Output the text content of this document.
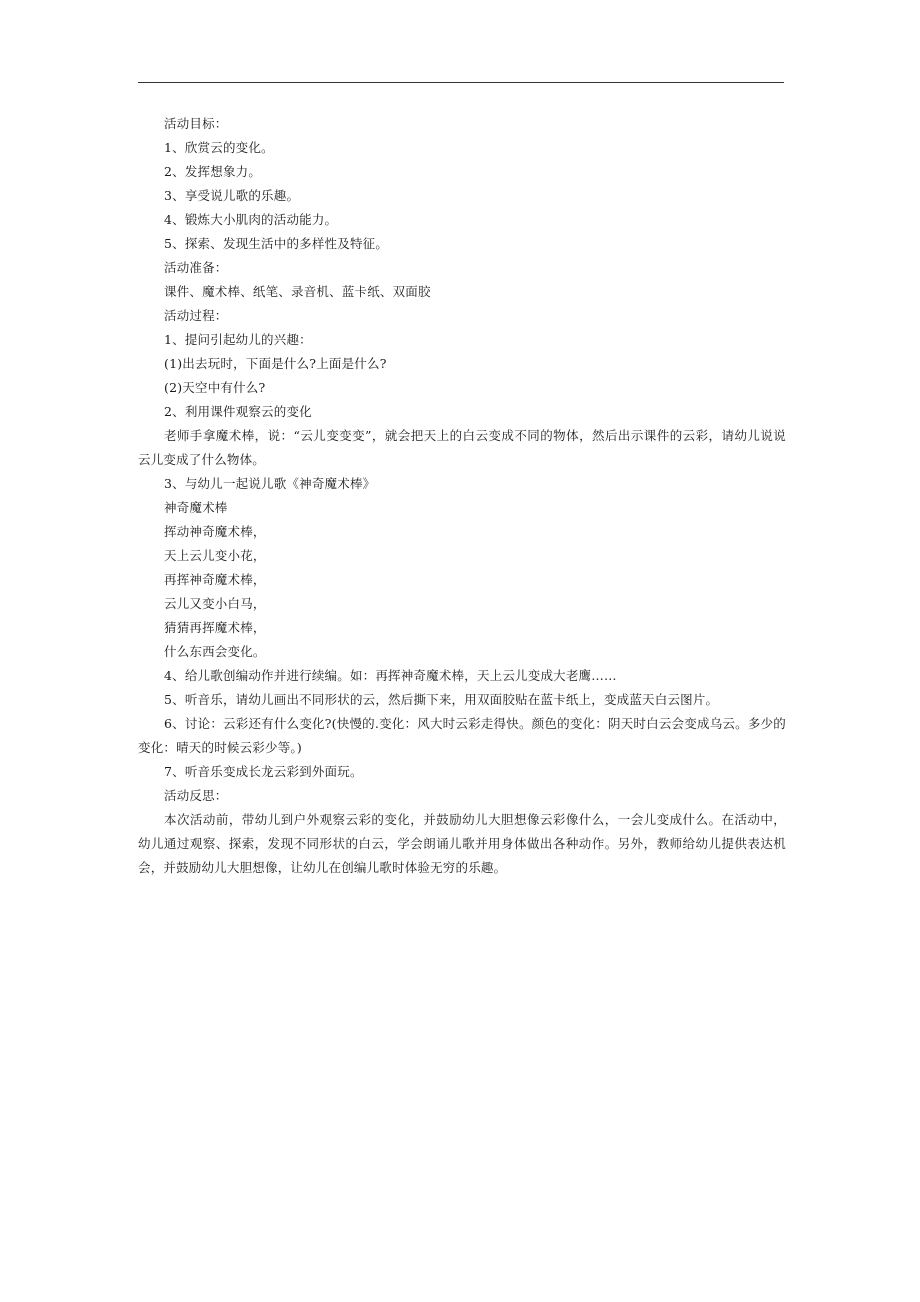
活动目标：

1、欣赏云的变化。

2、发挥想象力。

3、享受说儿歌的乐趣。

4、锻炼大小肌肉的活动能力。

5、探索、发现生活中的多样性及特征。

活动准备：

课件、魔术棒、纸笔、录音机、蓝卡纸、双面胶

活动过程：

1、提问引起幼儿的兴趣：

(1)出去玩时，下面是什么?上面是什么?

(2)天空中有什么?

2、利用课件观察云的变化

老师手拿魔术棒，说：“云儿变变变”，就会把天上的白云变成不同的物体，然后出示课件的云彩，请幼儿说说云儿变成了什么物体。

3、与幼儿一起说儿歌《神奇魔术棒》

神奇魔术棒

挥动神奇魔术棒，

天上云儿变小花，

再挥神奇魔术棒，

云儿又变小白马，

猜猜再挥魔术棒，

什么东西会变化。

4、给儿歌创编动作并进行续编。如：再挥神奇魔术棒，天上云儿变成大老鹰……

5、听音乐，请幼儿画出不同形状的云，然后撕下来，用双面胶贴在蓝卡纸上，变成蓝天白云图片。

6、讨论：云彩还有什么变化?(快慢的.变化：风大时云彩走得快。颜色的变化：阴天时白云会变成乌云。多少的变化：晴天的时候云彩少等。)

7、听音乐变成长龙云彩到外面玩。

活动反思：

本次活动前，带幼儿到户外观察云彩的变化，并鼓励幼儿大胆想像云彩像什么，一会儿变成什么。在活动中，幼儿通过观察、探索，发现不同形状的白云，学会朗诵儿歌并用身体做出各种动作。另外，教师给幼儿提供表达机会，并鼓励幼儿大胆想像，让幼儿在创编儿歌时体验无穷的乐趣。
